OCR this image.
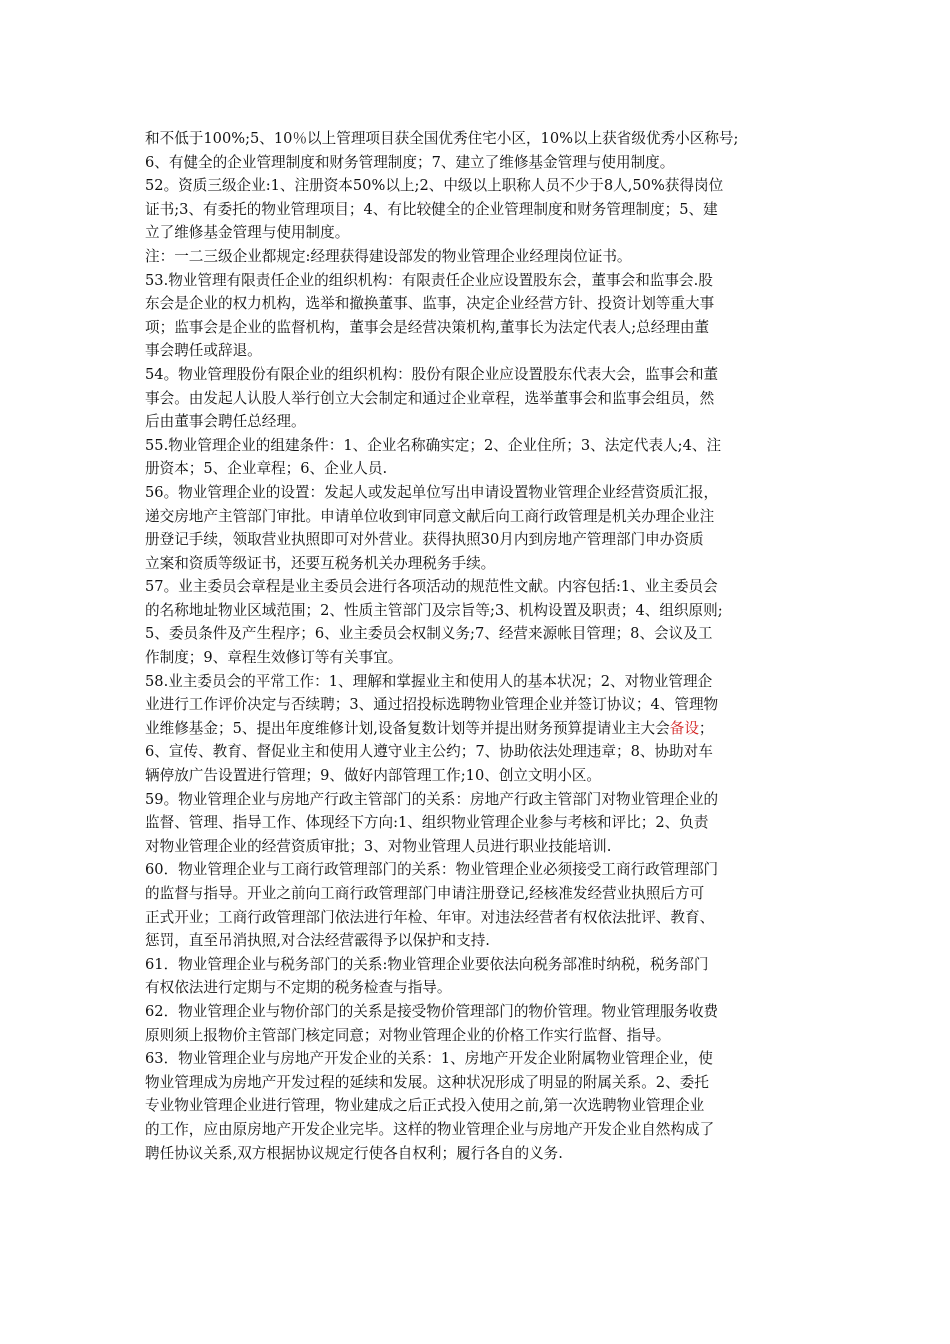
和不低于100%;5、10％以上管理项目获全国优秀住宅小区，10%以上获省级优秀小区称号;
6、有健全的企业管理制度和财务管理制度；7、建立了维修基金管理与使用制度。
52。资质三级企业:1、注册资本50%以上;2、中级以上职称人员不少于8人,50%获得岗位
证书;3、有委托的物业管理项目；4、有比较健全的企业管理制度和财务管理制度；5、建
立了维修基金管理与使用制度。
注：一二三级企业都规定:经理获得建设部发的物业管理企业经理岗位证书。
53.物业管理有限责任企业的组织机构：有限责任企业应设置股东会，董事会和监事会.股
东会是企业的权力机构，选举和撤换董事、监事，决定企业经营方针、投资计划等重大事
项；监事会是企业的监督机构，董事会是经营决策机构,董事长为法定代表人;总经理由董
事会聘任或辞退。
54。物业管理股份有限企业的组织机构：股份有限企业应设置股东代表大会，监事会和董
事会。由发起人认股人举行创立大会制定和通过企业章程，选举董事会和监事会组员，然
后由董事会聘任总经理。
55.物业管理企业的组建条件：1、企业名称确实定；2、企业住所；3、法定代表人;4、注
册资本；5、企业章程；6、企业人员.
56。物业管理企业的设置：发起人或发起单位写出申请设置物业管理企业经营资质汇报，
递交房地产主管部门审批。申请单位收到审同意文献后向工商行政管理是机关办理企业注
册登记手续，领取营业执照即可对外营业。获得执照30月内到房地产管理部门申办资质
立案和资质等级证书，还要互税务机关办理税务手续。
57。业主委员会章程是业主委员会进行各项活动的规范性文献。内容包括:1、业主委员会
的名称地址物业区域范围；2、性质主管部门及宗旨等;3、机构设置及职责；4、组织原则;
5、委员条件及产生程序；6、业主委员会权制义务;7、经营来源帐目管理；8、会议及工
作制度；9、章程生效修订等有关事宜。
58.业主委员会的平常工作：1、理解和掌握业主和使用人的基本状况；2、对物业管理企
业进行工作评价决定与否续聘；3、通过招投标选聘物业管理企业并签订协议；4、管理物
业维修基金；5、提出年度维修计划,设备复数计划等并提出财务预算提请业主大会备设；
6、宣传、教育、督促业主和使用人遵守业主公约；7、协助依法处理违章；8、协助对车
辆停放广告设置进行管理；9、做好内部管理工作;10、创立文明小区。
59。物业管理企业与房地产行政主管部门的关系：房地产行政主管部门对物业管理企业的
监督、管理、指导工作、体现经下方向:1、组织物业管理企业参与考核和评比；2、负责
对物业管理企业的经营资质审批；3、对物业管理人员进行职业技能培训.
60．物业管理企业与工商行政管理部门的关系：物业管理企业必须接受工商行政管理部门
的监督与指导。开业之前向工商行政管理部门申请注册登记,经核准发经营业执照后方可
正式开业；工商行政管理部门依法进行年检、年审。对违法经营者有权依法批评、教育、
惩罚，直至吊消执照,对合法经营霰得予以保护和支持.
61．物业管理企业与税务部门的关系:物业管理企业要依法向税务部准时纳税，税务部门
有权依法进行定期与不定期的税务检查与指导。
62．物业管理企业与物价部门的关系是接受物价管理部门的物价管理。物业管理服务收费
原则须上报物价主管部门核定同意；对物业管理企业的价格工作实行监督、指导。
63．物业管理企业与房地产开发企业的关系：1、房地产开发企业附属物业管理企业，使
物业管理成为房地产开发过程的延续和发展。这种状况形成了明显的附属关系。2、委托
专业物业管理企业进行管理，物业建成之后正式投入使用之前,第一次选聘物业管理企业
的工作，应由原房地产开发企业完毕。这样的物业管理企业与房地产开发企业自然构成了
聘任协议关系,双方根据协议规定行使各自权利；履行各自的义务.
